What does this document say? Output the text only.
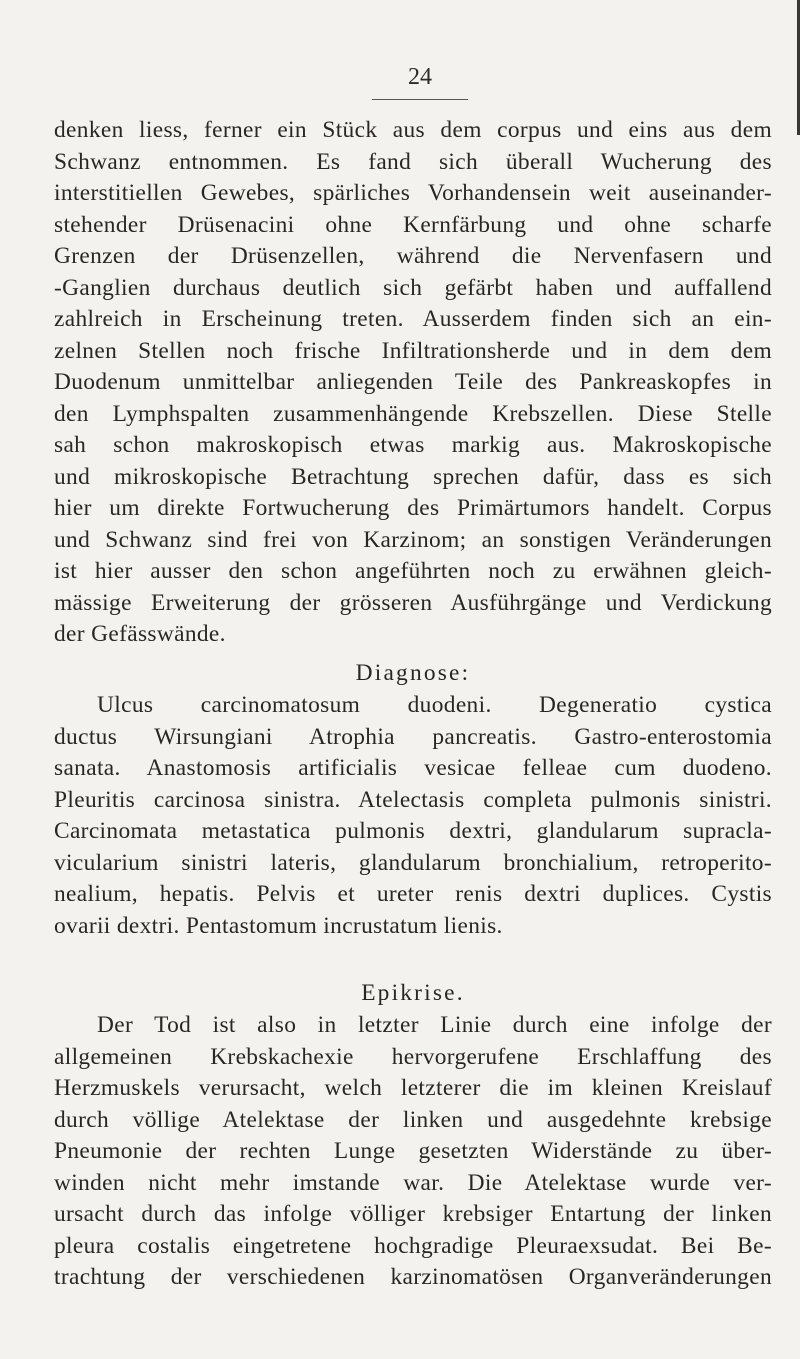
24
denken liess, ferner ein Stück aus dem corpus und eins aus dem
Schwanz entnommen. Es fand sich überall Wucherung des
interstitiellen Gewebes, spärliches Vorhandensein weit auseinander-
stehender Drüsenacini ohne Kernfärbung und ohne scharfe
Grenzen der Drüsenzellen, während die Nervenfasern und
-Ganglien durchaus deutlich sich gefärbt haben und auffallend
zahlreich in Erscheinung treten. Ausserdem finden sich an ein-
zelnen Stellen noch frische Infiltrationsherde und in dem dem
Duodenum unmittelbar anliegenden Teile des Pankreaskopfes in
den Lymphspalten zusammenhängende Krebszellen. Diese Stelle
sah schon makroskopisch etwas markig aus. Makroskopische
und mikroskopische Betrachtung sprechen dafür, dass es sich
hier um direkte Fortwucherung des Primärtumors handelt. Corpus
und Schwanz sind frei von Karzinom; an sonstigen Veränderungen
ist hier ausser den schon angeführten noch zu erwähnen gleich-
mässige Erweiterung der grösseren Ausführgänge und Verdickung
der Gefässwände.
Diagnose:
Ulcus carcinomatosum duodeni. Degeneratio cystica
ductus Wirsungiani Atrophia pancreatis. Gastro-enterostomia
sanata. Anastomosis artificialis vesicae felleae cum duodeno.
Pleuritis carcinosa sinistra. Atelectasis completa pulmonis sinistri.
Carcinomata metastatica pulmonis dextri, glandularum supracla-
vicularium sinistri lateris, glandularum bronchialium, retroperito-
nealium, hepatis. Pelvis et ureter renis dextri duplices. Cystis
ovarii dextri. Pentastomum incrustatum lienis.
Epikrise.
Der Tod ist also in letzter Linie durch eine infolge der
allgemeinen Krebskachexie hervorgerufene Erschlaffung des
Herzmuskels verursacht, welch letzterer die im kleinen Kreislauf
durch völlige Atelektase der linken und ausgedehnte krebsige
Pneumonie der rechten Lunge gesetzten Widerstände zu über-
winden nicht mehr imstande war. Die Atelektase wurde ver-
ursacht durch das infolge völliger krebsiger Entartung der linken
pleura costalis eingetretene hochgradige Pleuraexsudat. Bei Be-
trachtung der verschiedenen karzinomatösen Organveränderungen
